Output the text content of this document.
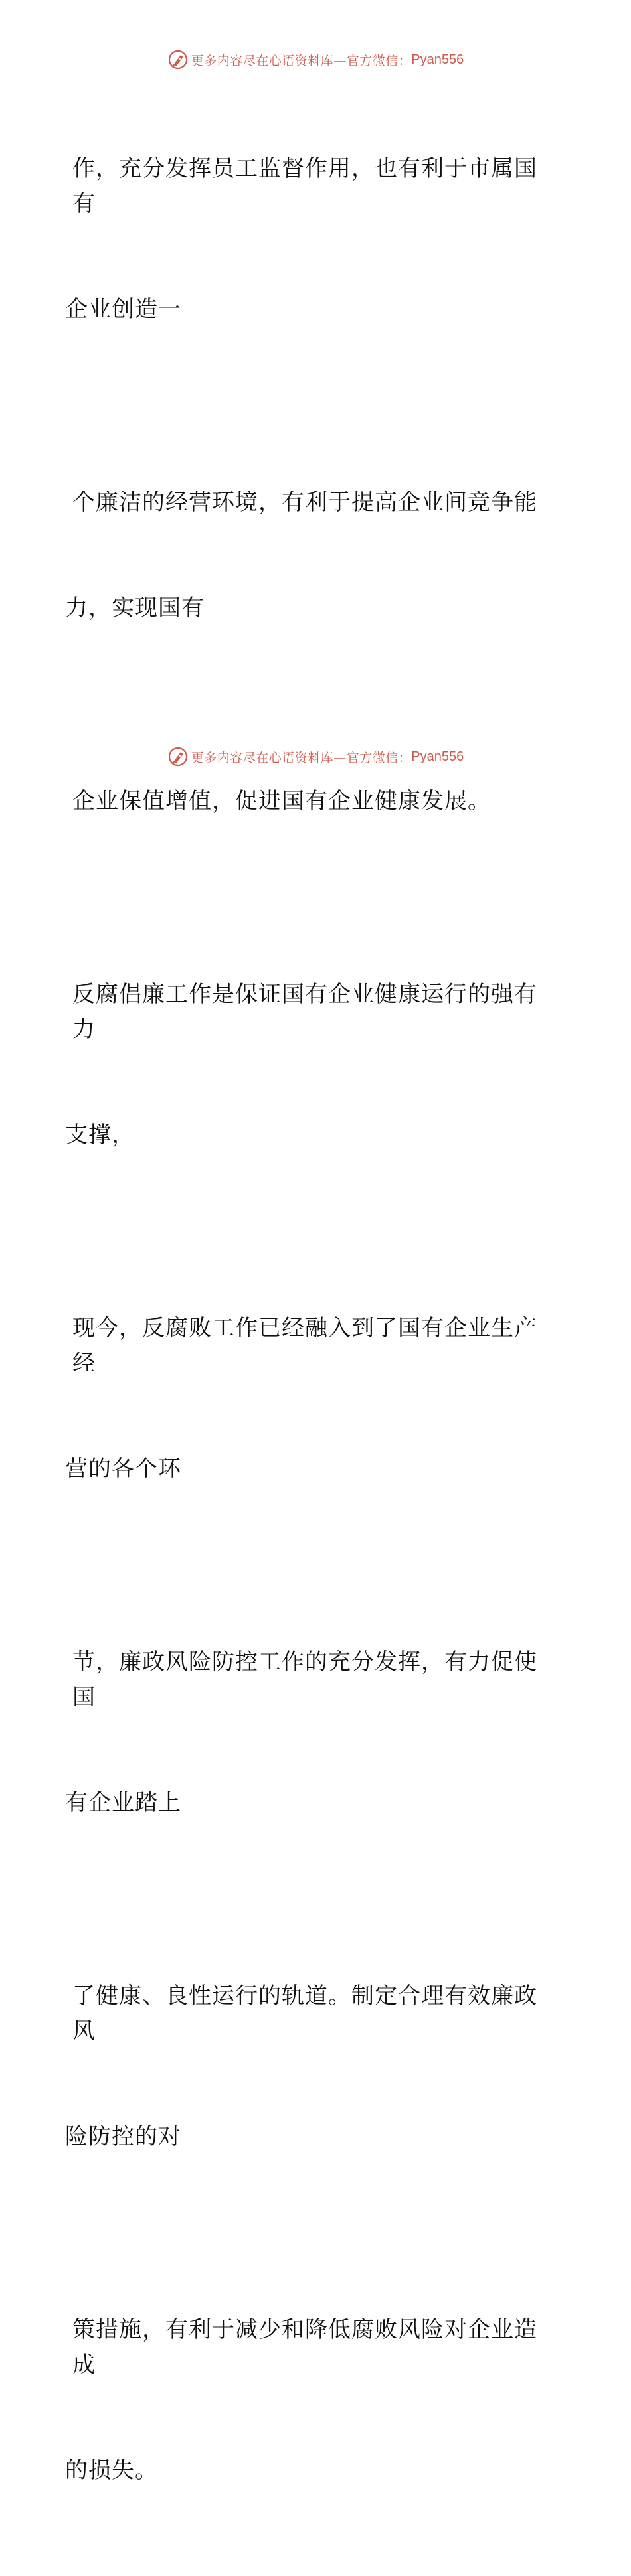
更多内容尽在心语资料库—官方微信： Pyan556

作，充分发挥员工监督作用，也有利于市属国有

企业创造一

个廉洁的经营环境，有利于提高企业间竞争能

力，实现国有

企业保值增值，促进国有企业健康发展。

反腐倡廉工作是保证国有企业健康运行的强有力

支撑，

现今，反腐败工作已经融入到了国有企业生产经

营的各个环

节，廉政风险防控工作的充分发挥，有力促使国

有企业踏上

了健康、良性运行的轨道。制定合理有效廉政风

险防控的对

策措施，有利于减少和降低腐败风险对企业造成

的损失。

更多内容尽在心语资料库—官方微信： Pyan556
